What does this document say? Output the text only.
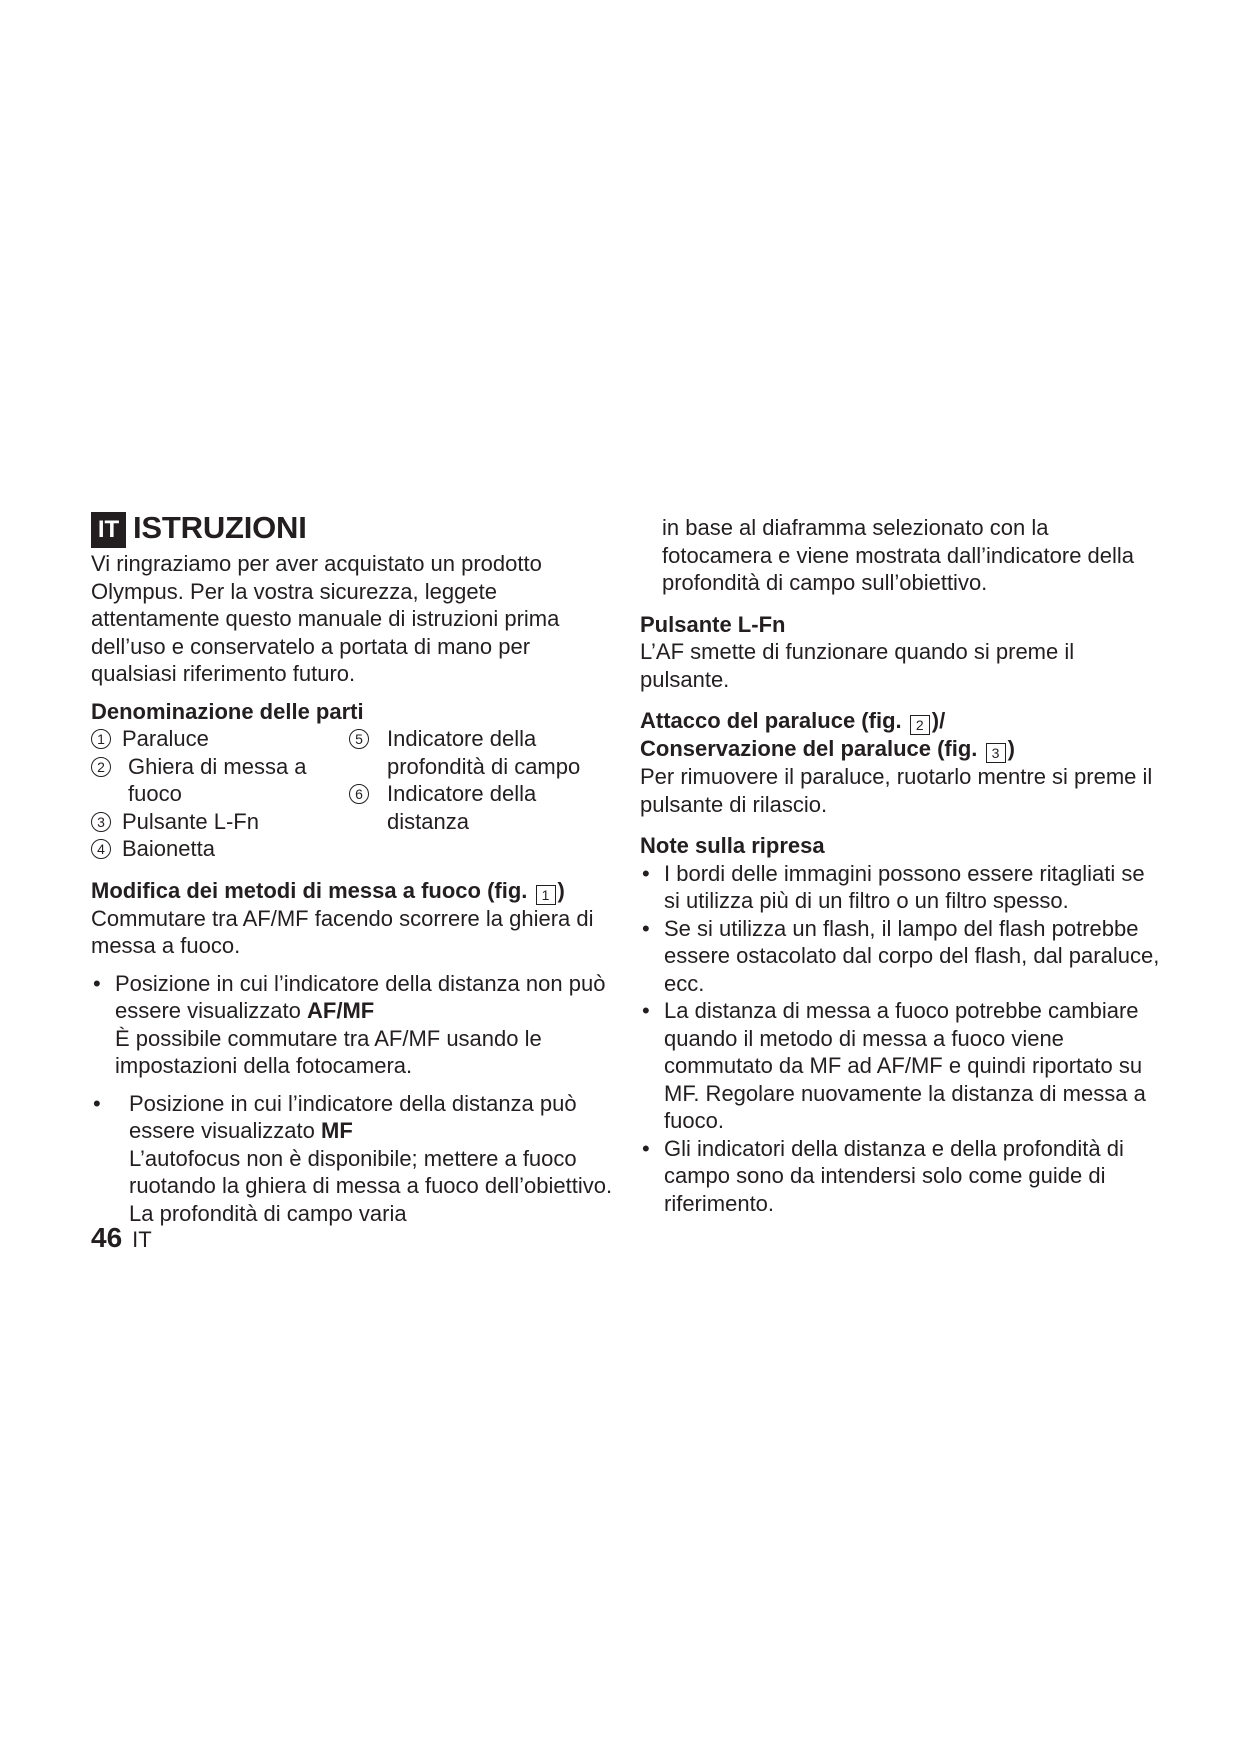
IT ISTRUZIONI
Vi ringraziamo per aver acquistato un prodotto Olympus. Per la vostra sicurezza, leggete attentamente questo manuale di istruzioni prima dell’uso e conservatelo a portata di mano per qualsiasi riferimento futuro.
Denominazione delle parti
1 Paraluce
2	Ghiera di messa a fuoco
3 Pulsante L-Fn
4 Baionetta
5	Indicatore della profondità di campo
6	Indicatore della distanza
Modifica dei metodi di messa a fuoco (fig. 1 )
Commutare tra AF/MF facendo scorrere la ghiera di messa a fuoco.
• Posizione in cui l’indicatore della distanza non può essere visualizzato AF/MF
È possibile commutare tra AF/MF usando le impostazioni della fotocamera.
•	Posizione in cui l’indicatore della distanza può essere visualizzato MF
L’autofocus non è disponibile; mettere a fuoco ruotando la ghiera di messa a fuoco dell’obiettivo. La profondità di campo varia
in base al diaframma selezionato con la fotocamera e viene mostrata dall’indicatore della profondità di campo sull’obiettivo.
Pulsante L-Fn
L’AF smette di funzionare quando si preme il pulsante.
Attacco del paraluce (fig. 2 )/
Conservazione del paraluce (fig. 3 )
Per rimuovere il paraluce, ruotarlo mentre si preme il pulsante di rilascio.
Note sulla ripresa
• I bordi delle immagini possono essere ritagliati se si utilizza più di un filtro o un filtro spesso.
• Se si utilizza un flash, il lampo del flash potrebbe essere ostacolato dal corpo del flash, dal paraluce, ecc.
• La distanza di messa a fuoco potrebbe cambiare quando il metodo di messa a fuoco viene commutato da MF ad AF/MF e quindi riportato su MF. Regolare nuovamente la distanza di messa a fuoco.
• Gli indicatori della distanza e della profondità di campo sono da intendersi solo come guide di riferimento.
46 IT
